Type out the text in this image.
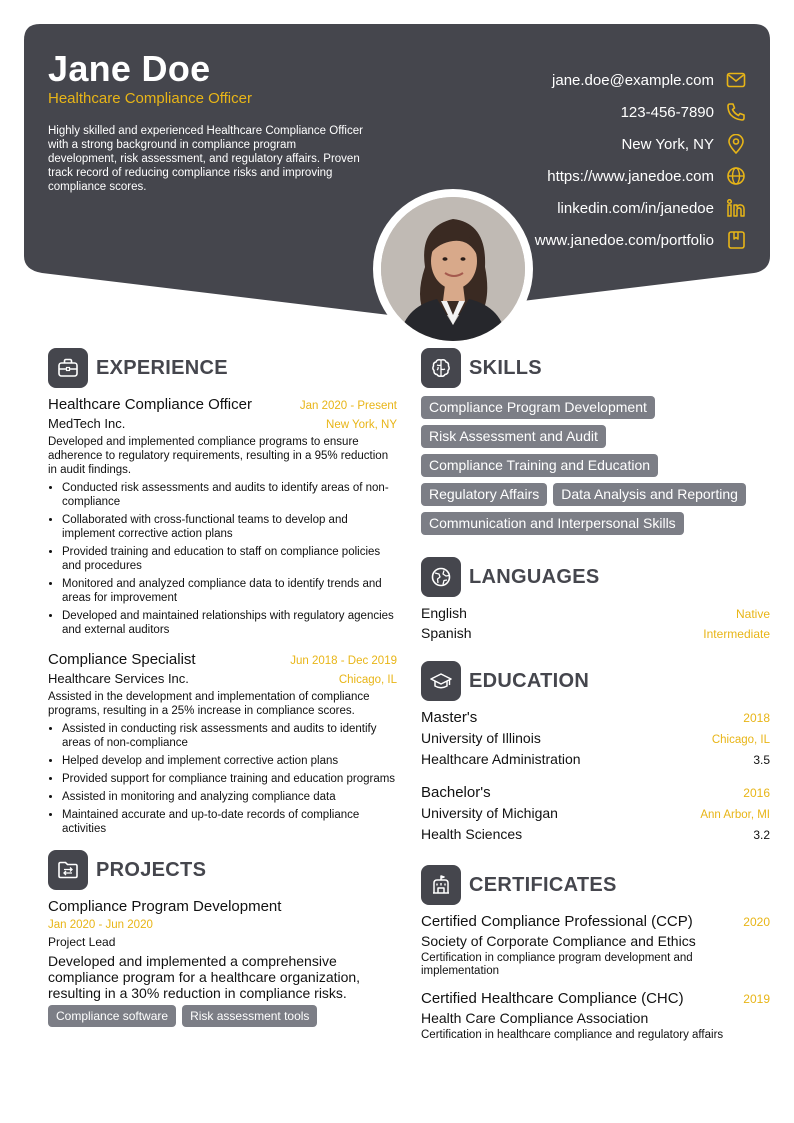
Jane Doe
Healthcare Compliance Officer
Highly skilled and experienced Healthcare Compliance Officer with a strong background in compliance program development, risk assessment, and regulatory affairs. Proven track record of reducing compliance risks and improving compliance scores.
jane.doe@example.com
123-456-7890
New York, NY
https://www.janedoe.com
linkedin.com/in/janedoe
www.janedoe.com/portfolio
EXPERIENCE
Healthcare Compliance Officer	Jan 2020 - Present
MedTech Inc.	New York, NY
Developed and implemented compliance programs to ensure adherence to regulatory requirements, resulting in a 95% reduction in audit findings.
• Conducted risk assessments and audits to identify areas of non-compliance
• Collaborated with cross-functional teams to develop and implement corrective action plans
• Provided training and education to staff on compliance policies and procedures
• Monitored and analyzed compliance data to identify trends and areas for improvement
• Developed and maintained relationships with regulatory agencies and external auditors
Compliance Specialist	Jun 2018 - Dec 2019
Healthcare Services Inc.	Chicago, IL
Assisted in the development and implementation of compliance programs, resulting in a 25% increase in compliance scores.
• Assisted in conducting risk assessments and audits to identify areas of non-compliance
• Helped develop and implement corrective action plans
• Provided support for compliance training and education programs
• Assisted in monitoring and analyzing compliance data
• Maintained accurate and up-to-date records of compliance activities
PROJECTS
Compliance Program Development
Jan 2020 - Jun 2020
Project Lead
Developed and implemented a comprehensive compliance program for a healthcare organization, resulting in a 30% reduction in compliance risks.
Compliance software	Risk assessment tools
SKILLS
Compliance Program Development
Risk Assessment and Audit
Compliance Training and Education
Regulatory Affairs	Data Analysis and Reporting
Communication and Interpersonal Skills
LANGUAGES
English	Native
Spanish	Intermediate
EDUCATION
Master's	2018
University of Illinois	Chicago, IL
Healthcare Administration	3.5
Bachelor's	2016
University of Michigan	Ann Arbor, MI
Health Sciences	3.2
CERTIFICATES
Certified Compliance Professional (CCP)	2020
Society of Corporate Compliance and Ethics
Certification in compliance program development and implementation
Certified Healthcare Compliance (CHC)	2019
Health Care Compliance Association
Certification in healthcare compliance and regulatory affairs
